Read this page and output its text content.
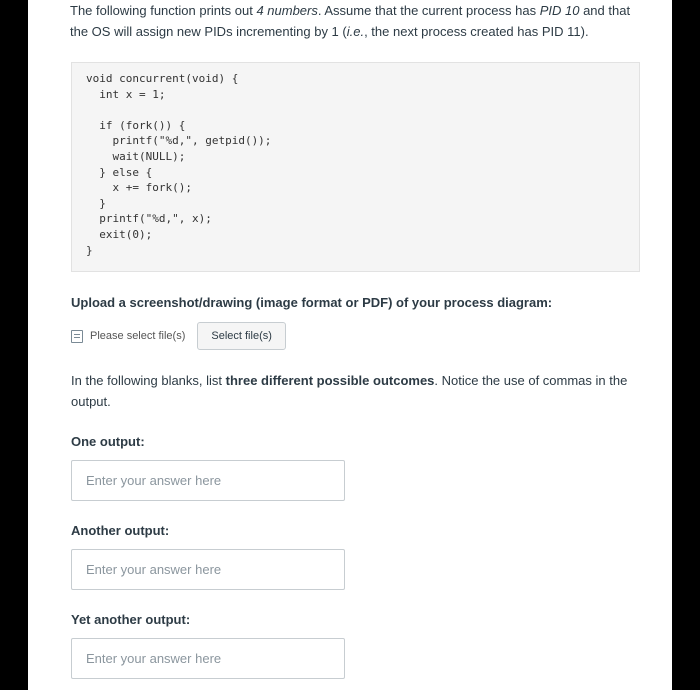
The following function prints out 4 numbers. Assume that the current process has PID 10 and that the OS will assign new PIDs incrementing by 1 (i.e., the next process created has PID 11).
void concurrent(void) {
int x = 1;

if (fork()) {
printf("%d,", getpid());
wait(NULL);
} else {
x += fork();
}
printf("%d,", x);
exit(0);
}
Upload a screenshot/drawing (image format or PDF) of your process diagram:
Please select file(s)	Select file(s)
In the following blanks, list three different possible outcomes. Notice the use of commas in the output.
One output:
Enter your answer here
Another output:
Enter your answer here
Yet another output:
Enter your answer here
